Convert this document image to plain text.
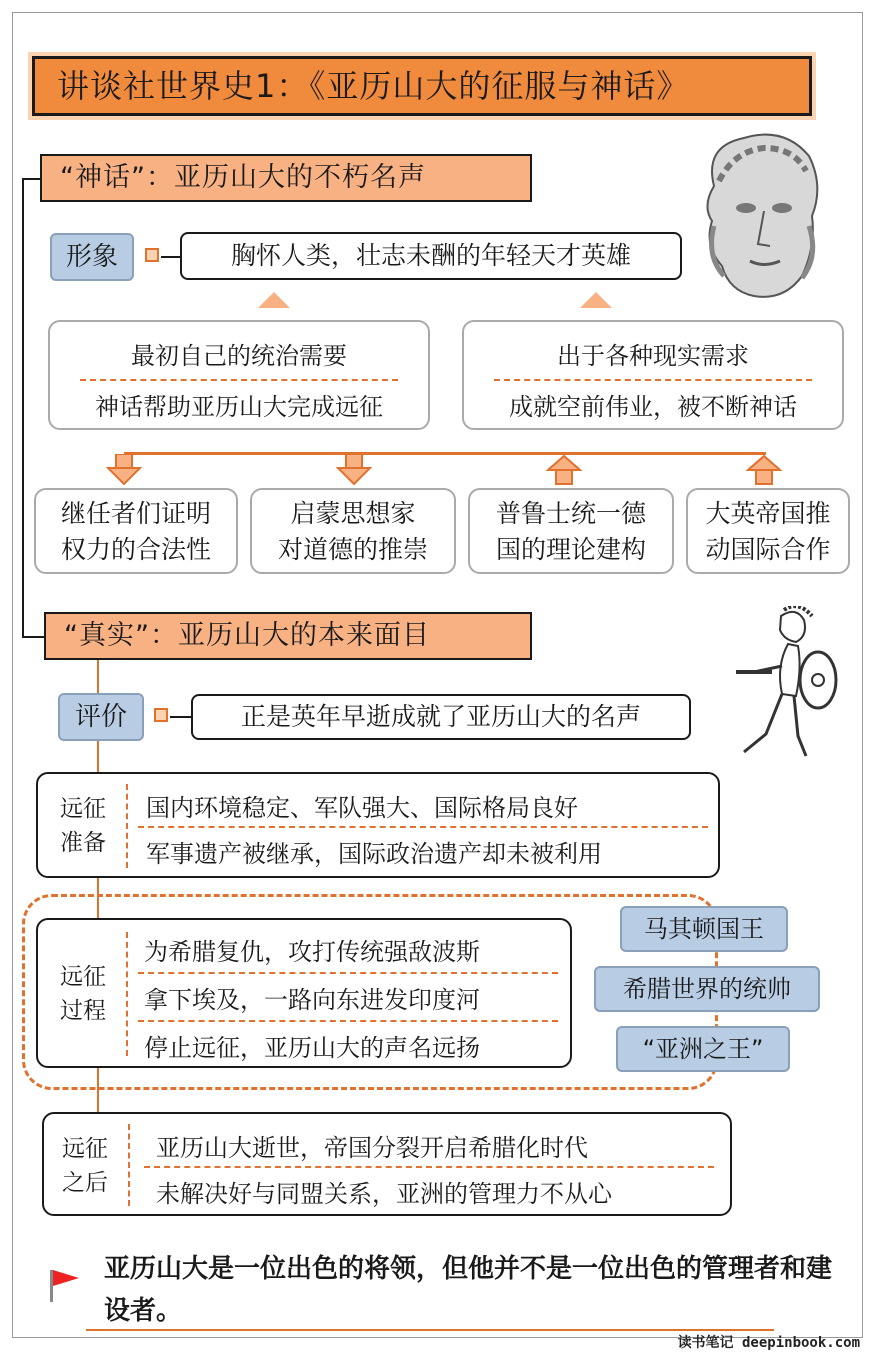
讲谈社世界史1：《亚历山大的征服与神话》
“神话”：亚历山大的不朽名声
形象	胸怀人类，壮志未酬的年轻天才英雄
最初自己的统治需要
神话帮助亚历山大完成远征
出于各种现实需求
成就空前伟业，被不断神话
继任者们证明
权力的合法性
启蒙思想家
对道德的推崇
普鲁士统一德
国的理论建构
大英帝国推
动国际合作
“真实”：亚历山大的本来面目
评价	正是英年早逝成就了亚历山大的名声
远征
准备
国内环境稳定、军队强大、国际格局良好
军事遗产被继承，国际政治遗产却未被利用
远征
过程
为希腊复仇，攻打传统强敌波斯
拿下埃及，一路向东进发印度河
停止远征，亚历山大的声名远扬
马其顿国王
希腊世界的统帅
“亚洲之王”
远征
之后
亚历山大逝世，帝国分裂开启希腊化时代
未解决好与同盟关系，亚洲的管理力不从心
亚历山大是一位出色的将领，但他并不是一位出色的管理者和建设者。
读书笔记 deepinbook.com
